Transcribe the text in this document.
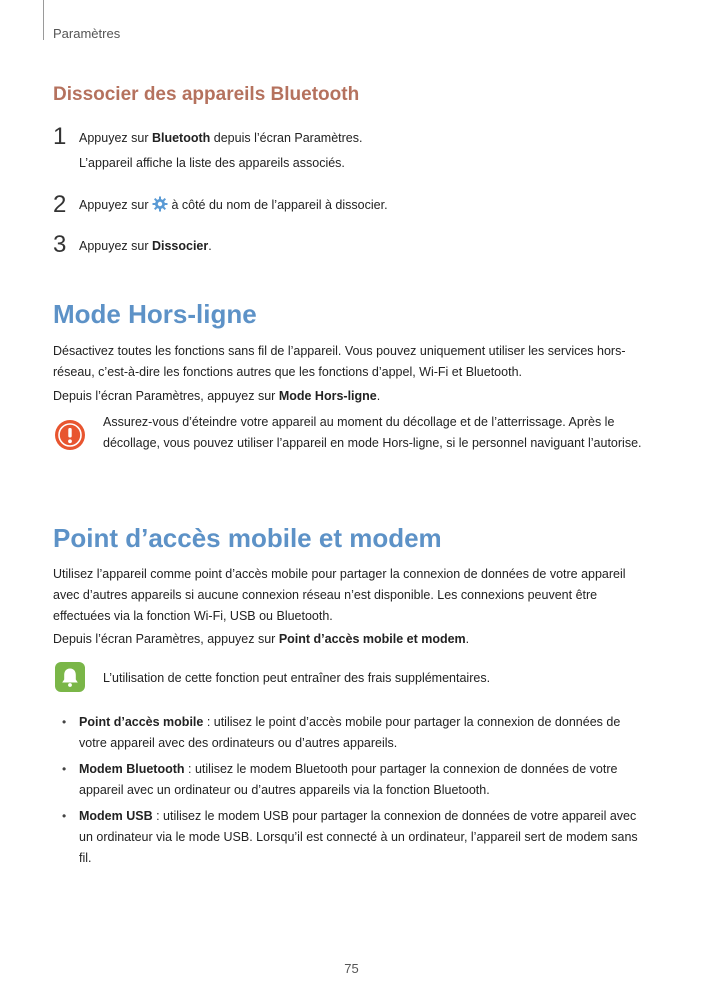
Paramètres
Dissocier des appareils Bluetooth
1 Appuyez sur Bluetooth depuis l’écran Paramètres.
L’appareil affiche la liste des appareils associés.
2 Appuyez sur  à côté du nom de l’appareil à dissocier.
3 Appuyez sur Dissocier.
Mode Hors-ligne
Désactivez toutes les fonctions sans fil de l’appareil. Vous pouvez uniquement utiliser les services hors-réseau, c’est-à-dire les fonctions autres que les fonctions d’appel, Wi-Fi et Bluetooth.
Depuis l’écran Paramètres, appuyez sur Mode Hors-ligne.
Assurez-vous d’éteindre votre appareil au moment du décollage et de l’atterrissage. Après le décollage, vous pouvez utiliser l’appareil en mode Hors-ligne, si le personnel naviguant l’autorise.
Point d’accès mobile et modem
Utilisez l’appareil comme point d’accès mobile pour partager la connexion de données de votre appareil avec d’autres appareils si aucune connexion réseau n’est disponible. Les connexions peuvent être effectuées via la fonction Wi-Fi, USB ou Bluetooth.
Depuis l’écran Paramètres, appuyez sur Point d’accès mobile et modem.
L’utilisation de cette fonction peut entraîner des frais supplémentaires.
• Point d’accès mobile : utilisez le point d’accès mobile pour partager la connexion de données de votre appareil avec des ordinateurs ou d’autres appareils.
• Modem Bluetooth : utilisez le modem Bluetooth pour partager la connexion de données de votre appareil avec un ordinateur ou d’autres appareils via la fonction Bluetooth.
• Modem USB : utilisez le modem USB pour partager la connexion de données de votre appareil avec un ordinateur via le mode USB. Lorsqu’il est connecté à un ordinateur, l’appareil sert de modem sans fil.
75
